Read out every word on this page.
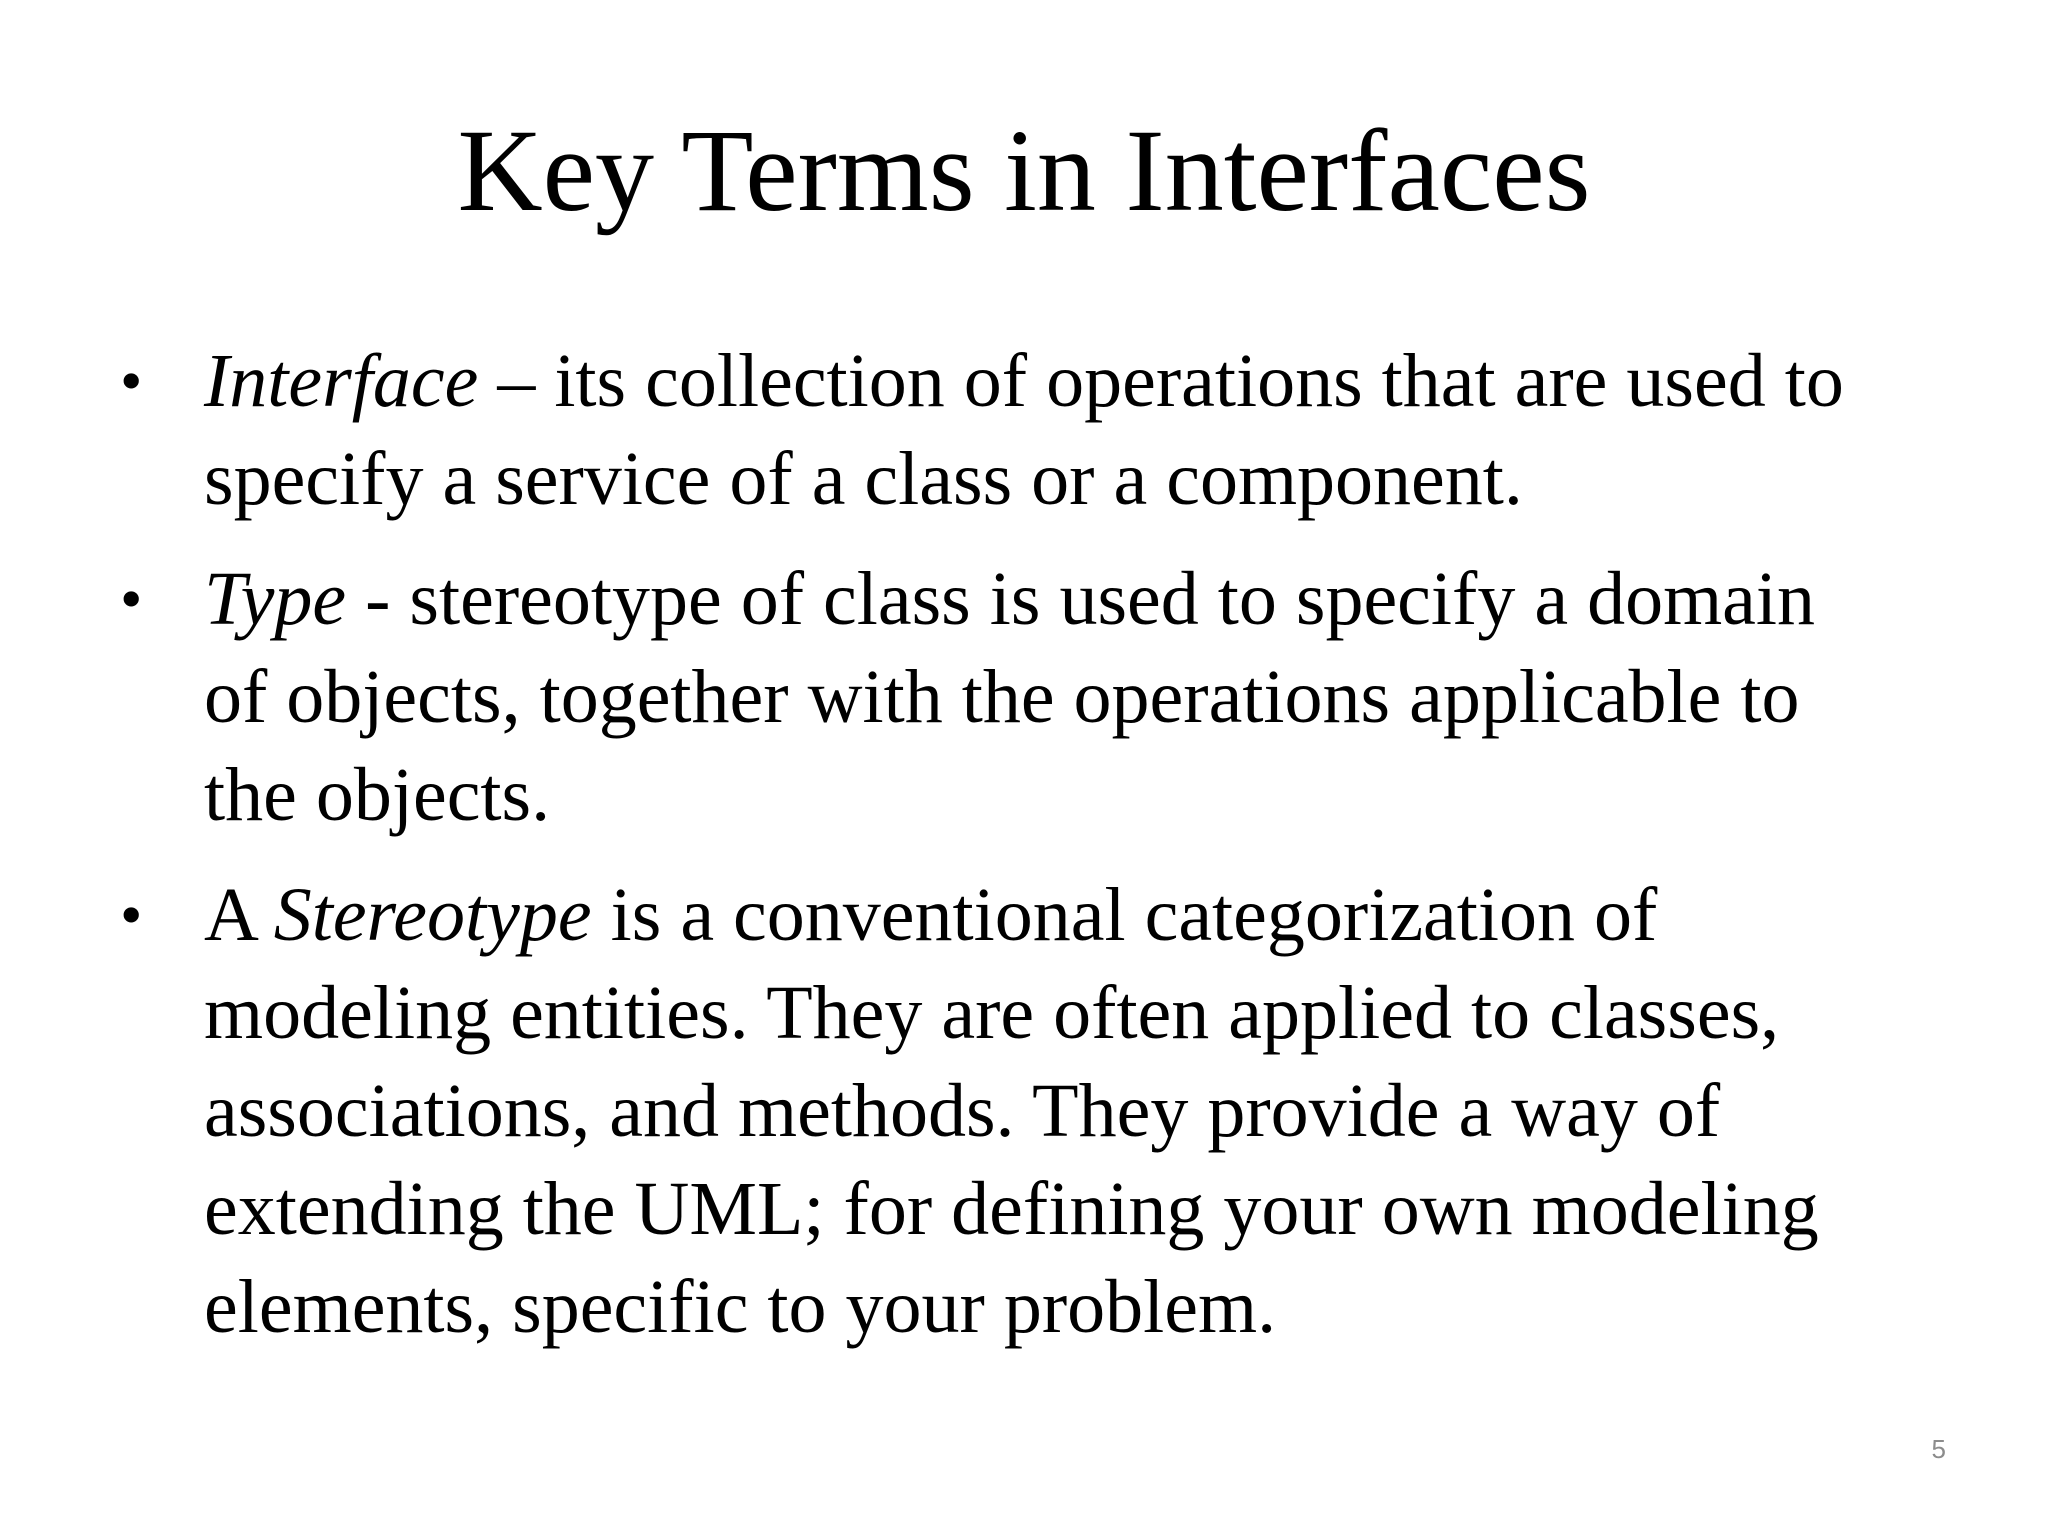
Key Terms in Interfaces
• Interface – its collection of operations that are used to
specify a service of a class or a component.
• Type - stereotype of class is used to specify a domain
of objects, together with the operations applicable to
the objects.
• A Stereotype is a conventional categorization of
modeling entities. They are often applied to classes,
associations, and methods. They provide a way of
extending the UML; for defining your own modeling
elements, specific to your problem.
5
